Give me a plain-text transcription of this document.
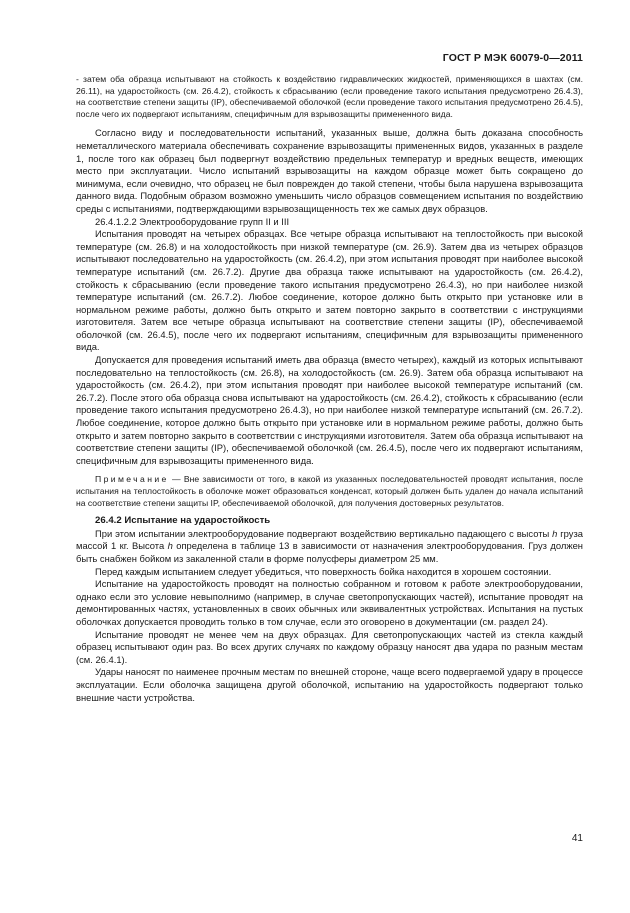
ГОСТ Р МЭК 60079-0—2011

- затем оба образца испытывают на стойкость к воздействию гидравлических жидкостей, применяющихся в шахтах (см. 26.11), на ударостойкость (см. 26.4.2), стойкость к сбрасыванию (если проведение такого испытания предусмотрено 26.4.3), на соответствие степени защиты (IP), обеспечиваемой оболочкой (если проведение такого испытания предусмотрено 26.4.5), после чего их подвергают испытаниям, специфичным для взрывозащиты примененного вида.

Согласно виду и последовательности испытаний, указанных выше, должна быть доказана способность неметаллического материала обеспечивать сохранение взрывозащиты примененных видов, указанных в разделе 1, после того как образец был подвергнут воздействию предельных температур и вредных веществ, имеющих место при эксплуатации. Число испытаний взрывозащиты на каждом образце может быть сокращено до минимума, если очевидно, что образец не был поврежден до такой степени, чтобы была нарушена взрывозащита данного вида. Подобным образом возможно уменьшить число образцов совмещением испытания по воздействию среды с испытаниями, подтверждающими взрывозащищенность тех же самых двух образцов.

26.4.1.2.2 Электрооборудование групп II и III

Испытания проводят на четырех образцах. Все четыре образца испытывают на теплостойкость при высокой температуре (см. 26.8) и на холодостойкость при низкой температуре (см. 26.9). Затем два из четырех образцов испытывают последовательно на ударостойкость (см. 26.4.2), при этом испытания проводят при наиболее высокой температуре испытаний (см. 26.7.2). Другие два образца также испытывают на ударостойкость (см. 26.4.2), стойкость к сбрасыванию (если проведение такого испытания предусмотрено 26.4.3), но при наиболее низкой температуре испытаний (см. 26.7.2). Любое соединение, которое должно быть открыто при установке или в нормальном режиме работы, должно быть открыто и затем повторно закрыто в соответствии с инструкциями изготовителя. Затем все четыре образца испытывают на соответствие степени защиты (IP), обеспечиваемой оболочкой (см. 26.4.5), после чего их подвергают испытаниям, специфичным для взрывозащиты примененного вида.

Допускается для проведения испытаний иметь два образца (вместо четырех), каждый из которых испытывают последовательно на теплостойкость (см. 26.8), на холодостойкость (см. 26.9). Затем оба образца испытывают на ударостойкость (см. 26.4.2), при этом испытания проводят при наиболее высокой температуре испытаний (см. 26.7.2). После этого оба образца снова испытывают на ударостойкость (см. 26.4.2), стойкость к сбрасыванию (если проведение такого испытания предусмотрено 26.4.3), но при наиболее низкой температуре испытаний (см. 26.7.2). Любое соединение, которое должно быть открыто при установке или в нормальном режиме работы, должно быть открыто и затем повторно закрыто в соответствии с инструкциями изготовителя. Затем оба образца испытывают на соответствие степени защиты (IP), обеспечиваемой оболочкой (см. 26.4.5), после чего их подвергают испытаниям, специфичным для взрывозащиты примененного вида.

Примечание — Вне зависимости от того, в какой из указанных последовательностей проводят испытания, после испытания на теплостойкость в оболочке может образоваться конденсат, который должен быть удален до начала испытаний на соответствие степени защиты IP, обеспечиваемой оболочкой, для получения достоверных результатов.

26.4.2 Испытание на ударостойкость

При этом испытании электрооборудование подвергают воздействию вертикально падающего с высоты h груза массой 1 кг. Высота h определена в таблице 13 в зависимости от назначения электрооборудования. Груз должен быть снабжен бойком из закаленной стали в форме полусферы диаметром 25 мм.

Перед каждым испытанием следует убедиться, что поверхность бойка находится в хорошем состоянии.

Испытание на ударостойкость проводят на полностью собранном и готовом к работе электрооборудовании, однако если это условие невыполнимо (например, в случае светопропускающих частей), испытание проводят на демонтированных частях, установленных в своих обычных или эквивалентных устройствах. Испытания на пустых оболочках допускается проводить только в том случае, если это оговорено в документации (см. раздел 24).

Испытание проводят не менее чем на двух образцах. Для светопропускающих частей из стекла каждый образец испытывают один раз. Во всех других случаях по каждому образцу наносят два удара по разным местам (см. 26.4.1).

Удары наносят по наименее прочным местам по внешней стороне, чаще всего подвергаемой удару в процессе эксплуатации. Если оболочка защищена другой оболочкой, испытанию на ударостойкость подвергают только внешние части устройства.

41
